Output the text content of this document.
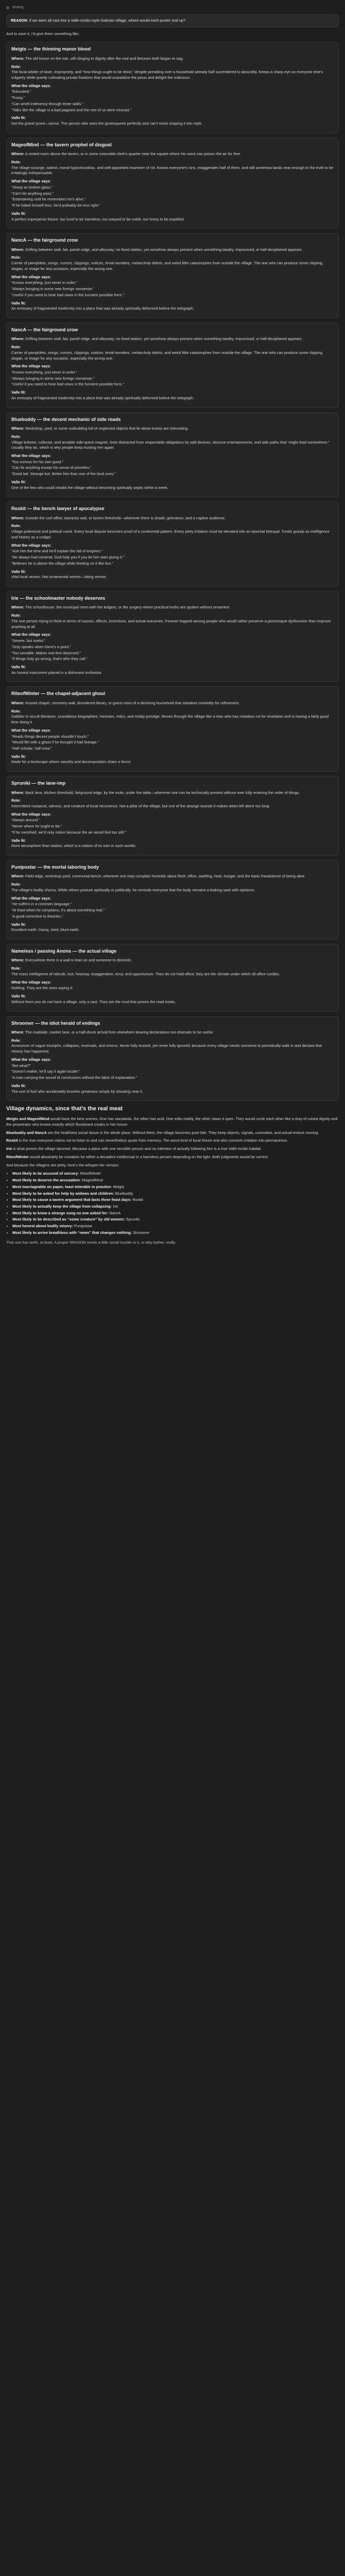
Writing
REASON: If we were all cast into a Valle-Inclán-style Galician village, where would each poster end up?
And to save it, I’d give them something like:
Meigts — the thinning manor blood

Where: The old house on the rise, still clinging to dignity after the roof and fortunes both began to sag.

Role:

The local arbiter of taste, impropriety, and “how things ought to be done,” despite presiding over a household already half surrendered to absurdity. Keeps a sharp eye on everyone else’s vulgarity while quietly cultivating private fixations that would scandalize the pious and delight the malicious.

What the village says:
“Educated.”
“Fussy.”
“Can smell indecency through three walls.”
“Talks like the village is a bad pageant and the rest of us were miscast.”
Valle fit:

Not the grand tyrant—worse. The person who sees the grotesquerie perfectly and can’t resist shaping it into style.

MageofMind — the tavern prophet of disgust

Where: A rented room above the tavern, or in some miserable clerk’s quarter near the square where his voice can poison the air for free.

Role:

The village scourge, satirist, moral hypochondriac, and self-appointed examiner of rot. Knows everyone’s sins, exaggerates half of them, and still somehow lands near enough to the truth to be irritatingly indispensable.

What the village says:
“Sharp as broken glass.”
“Can’t let anything pass.”
“Entertaining until he remembers he’s alive.”
“If he hated himself less, he’d probably be less right.”
Valle fit:

A perfect esperpento fixture: too lucid to be harmless, too warped to be noble, too funny to be expelled.

NancA — the fairground crow

Where: Drifting between stall, fair, parish edge, and alleyway; no fixed station, yet somehow always present when something tawdry, improvised, or half-deciphered appears.

Role:

Carrier of pamphlets, songs, rumors, clippings, notices, trivial wonders, melancholy debris, and weird little catastrophes from outside the village. The one who can produce some clipping, slogan, or image for any occasion, especially the wrong one.

What the village says:
“Knows everything, just never in order.”
“Always bringing in some new foreign nonsense.”
“Useful if you need to hear bad news in the funniest possible form.”
Valle fit:

An emissary of fragmented modernity into a place that was already spiritually deformed before the telegraph.

NancA — the fairground crow

Where: Drifting between stall, fair, parish edge, and alleyway; no fixed station, yet somehow always present when something tawdry, improvised, or half-deciphered appears.

Role:

Carrier of pamphlets, songs, rumors, clippings, notices, trivial wonders, melancholy debris, and weird little catastrophes from outside the village. The one who can produce some clipping, slogan, or image for any occasion, especially the wrong one.

What the village says:
“Knows everything, just never in order.”
“Always bringing in some new foreign nonsense.”
“Useful if you need to hear bad news in the funniest possible form.”
Valle fit:

An emissary of fragmented modernity into a place that was already spiritually deformed before the telegraph.

Bluebuddy — the decent mechanic of side roads

Where: Workshop, yard, or some outbuilding full of neglected objects that lie alone insists are interesting.

Role:

Village tinkerer, collector, and amiable side-quest magnet. Gets distracted from respectable obligations by odd devices, obscure entertainments, and side paths that “might lead somewhere.” Usually they do, which is why people keep trusting him again.

What the village says:
“Too curious for his own good.”
“Can fix anything except his sense of priorities.”
“Good lad. Strange but. Better him than one of the loud ones.”
Valle fit:

One of the few who could inhabit the village without becoming spiritually septic within a week.

Roxkit — the bench lawyer of apocalypse

Where: Outside the civil office, barracks wall, or tavern threshold—wherever there is shade, grievance, and a captive audience.

Role:

Village polemicist and political crank. Every local dispute becomes proof of a continental pattern. Every petty irritation must be elevated into an epochal betrayal. Treats gossip as intelligence and history as a cudgel.

What the village says:
“Ask him the time and he’ll explain the fall of empires.”
“He always had contend. God help you if you let him start giving it.”
“Believes he is above the village while feeding on it like lice.”
Valle fit:

Vital local venom. Not ornamental vermin—biting vermin.

Irie — the schoolmaster nobody deserves

Where: The schoolhouse, the municipal room with the ledgers, or the surgery where practical truths are spoken without ornament.

Role:

The one person trying to think in terms of causes, effects, incentives, and actual outcomes. Forever trapped among people who would rather preserve a picturesque dysfunction than improve anything at all.

What the village says:
“Severe, but useful.”
“Only speaks when there’s a point.”
“Too sensible. Makes one feel observed.”
“If things truly go wrong, that’s who they call.”
Valle fit:

An honest instrument placed in a dishonest orchestra.

RiteofWinter — the chapel-adjacent ghoul

Where: Ruined chapel, cemetery wall, disordered library, or guest room of a declining household that mistakes morbidity for refinement.

Role:

Dabbler in occult literature, scandalous biographies, heresies, relics, and moldy prestige. Moves through the village like a man who has mistaken rot for revelation and is having a fairly good time doing it.

What the village says:
“Reads things decent people shouldn’t touch.”
“Would flirt with a ghost if he thought it had lineage.”
“Half scholar, half crow.”
Valle fit:

Made for a landscape where sanctity and decomposition share a fence.

Spruniki — the lane-imp

Where: Back lane, kitchen threshold, fairground edge, by the mule, under the table—wherever one can be technically present without ever fully entering the order of things.

Role:

Intermittent nuisance, witness, and creature of local recurrence. Not a pillar of the village, but one of the strange sounds it makes when left alone too long.

What the village says:
“Always around.”
“Never where he ought to be.”
“If he vanished, we’d only notice because the air would feel too still.”
Valle fit:

More atmosphere than station, which is a station of its own in such worlds.

Punipostar — the mortal laboring body

Where: Field edge, workshop yard, communal bench, wherever one may complain honestly about flesh, effort, swelling, heat, hunger, and the basic fraudulence of being alive.

Role:

The village’s bodily chorus. While others posture spiritually or politically, he reminds everyone that the body remains a leaking sack with opinions.

What the village says:
“He suffers in a common language.”
“At least when he complains, it’s about something real.”
“A good corrective to theories.”
Valle fit:

Excellent earth. Damp, tired, blunt earth.

Nameless / passing Anons — the actual village

Where: Everywhere there is a wall to lean on and someone to diminish.

Role:

The mass intelligence of ridicule, lust, hearsay, exaggeration, envy, and opportunism. They do not hold office; they are the climate under which all office curdles.

What the village says:
Nothing. They are the ones saying it.
Valle fit:

Without them you do not have a village, only a cast. They are the mud that proves the road exists.

Shroomer — the idiot herald of endings

Where: The roadside, market lane, or a half-drunk arrival from elsewhere bearing declarations too dramatic to be useful.

Role:

Announcer of vague triumphs, collapses, reversals, and omens. Never fully trusted, yet never fully ignored, because every village needs someone to periodically walk in and declare that History has happened.

What the village says:
“Bet what?”
“Doesn’t matter, he’ll say it again louder.”
“A man carrying the sound of conclusions without the labor of explanation.”
Valle fit:

The sort of fool who accidentally brushes greatness simply by shouting near it.

Village dynamics, since that’s the real meat

Meigts and MageofMind would have the best scenes. One has standards, the other has acid. One edits reality, the other claws it open. They would circle each other like a duty of ruined dignity and the perpetrator who knows exactly which floorboard creaks in her house.

Bluebuddy and NancA are the healthiest social tissue in the whole place. Without them, the village becomes pure bile. They keep objects, signals, curiosities, and actual texture moving.

Roxkit is the man everyone claims not to listen to and can nevertheless quote from memory. The worst kind of local fixture one who converts irritation into permanence.

Irie is what proves the village damned. Because a place with one sensible person and no intention of actually following him is a true Valle-Inclán habitat.

RiteofWinter would absolutely be mistaken for either a decadent intellectual or a harmless pervert depending on the light. Both judgments would be correct.

And because the villagers are petty, here’s the whisper-tier version:

• Most likely to be accused of sorcery: RiteofWinter
• Most likely to deserve the accusation: MageofMind
• Most marriageable on paper, least tolerable in practice: Meigts
• Most likely to be asked for help by widows and children: Bluebuddy
• Most likely to cause a tavern argument that lasts three feast days: Roxkit
• Most likely to actually keep the village from collapsing: Irie
• Most likely to know a strange song no one asked for: NancA
• Most likely to be described as “some creature” by old women: Spruniki
• Most honest about bodily misery: Punipostar
• Most likely to arrive breathless with “news” that changes nothing: Shroomer

That one has teeth, at least. A proper REASON needs a little social murder in it, or why bother, really.
